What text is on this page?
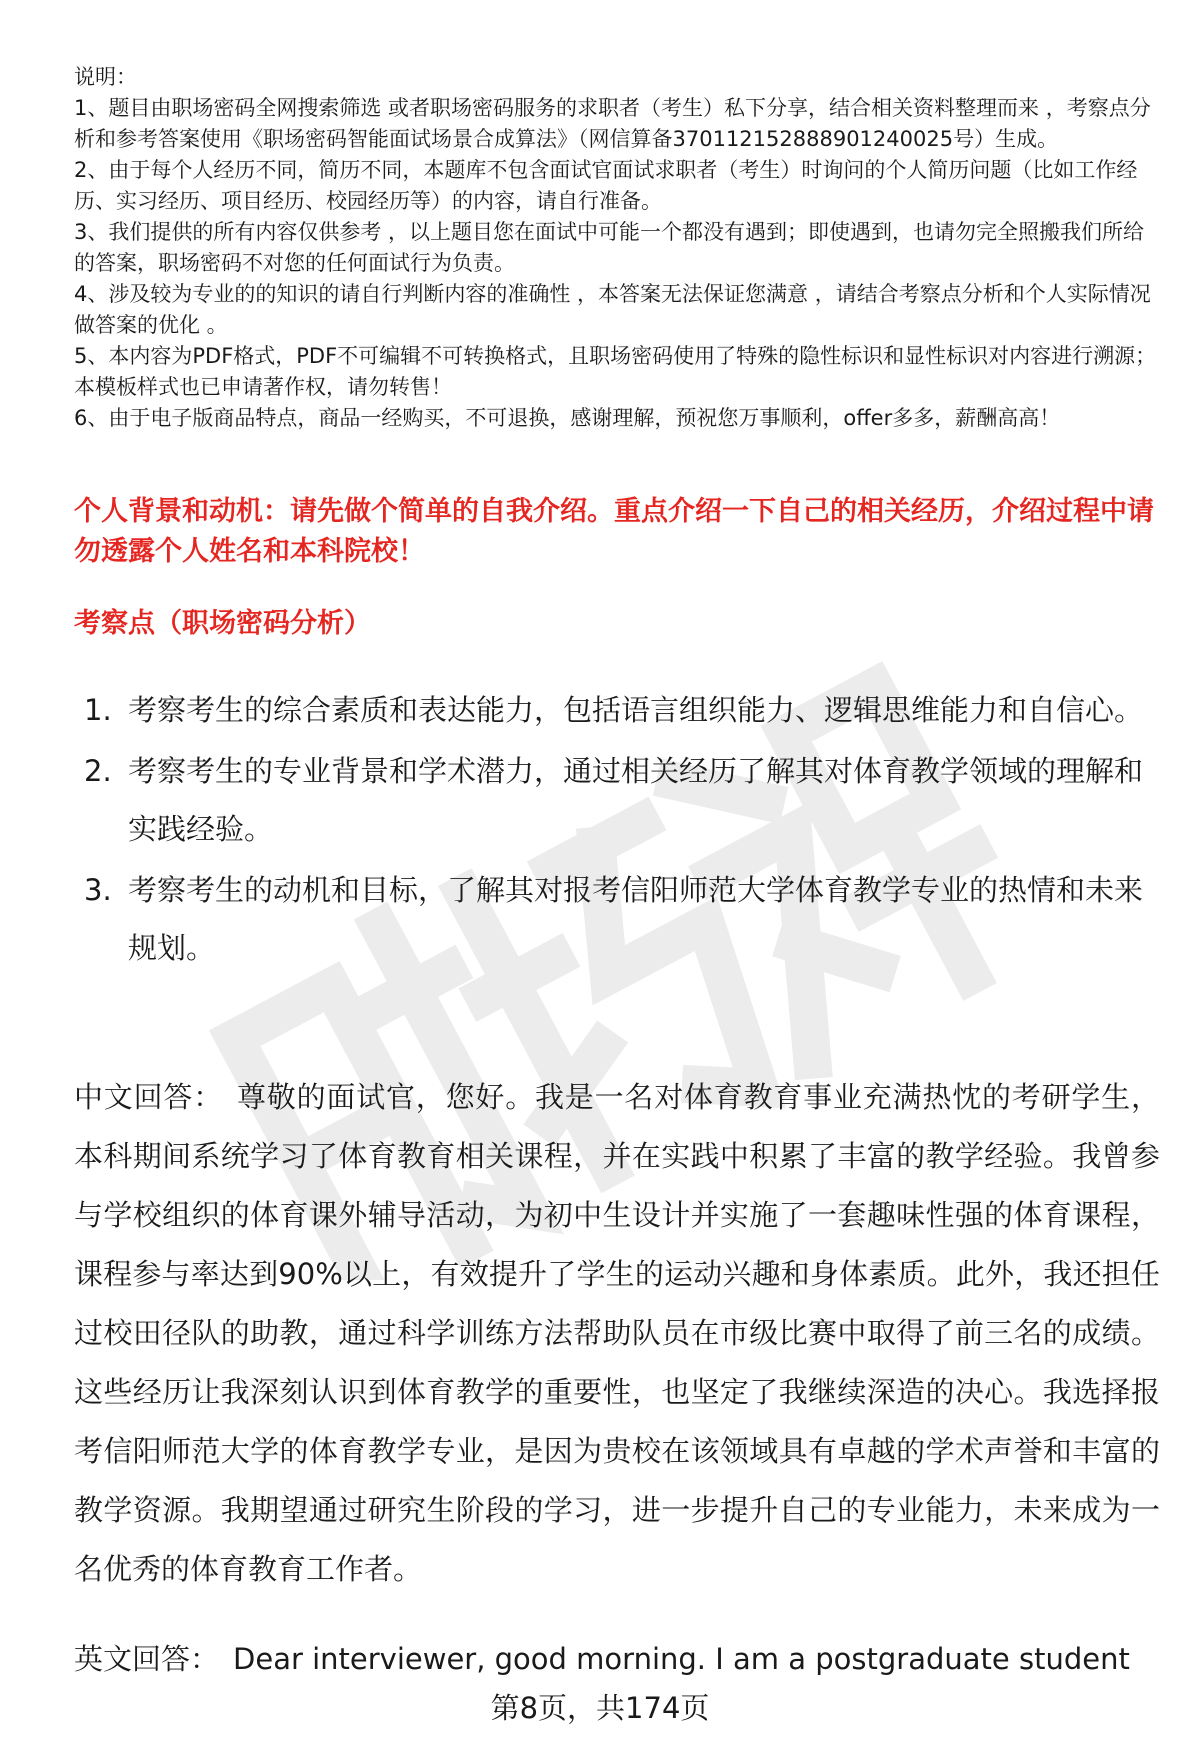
说明：

1、题目由职场密码全网搜索筛选 或者职场密码服务的求职者（考生）私下分享，结合相关资料整理而来 ，考察点分析和参考答案使用《职场密码智能面试场景合成算法》（网信算备370112152888901240025号）生成。

2、由于每个人经历不同，简历不同，本题库不包含面试官面试求职者（考生）时询问的个人简历问题（比如工作经历、实习经历、项目经历、校园经历等）的内容，请自行准备。

3、我们提供的所有内容仅供参考 ，以上题目您在面试中可能一个都没有遇到；即使遇到，也请勿完全照搬我们所给的答案，职场密码不对您的任何面试行为负责。

4、涉及较为专业的的知识的请自行判断内容的准确性 ，本答案无法保证您满意 ，请结合考察点分析和个人实际情况做答案的优化 。

5、本内容为PDF格式，PDF不可编辑不可转换格式，且职场密码使用了特殊的隐性标识和显性标识对内容进行溯源；本模板样式也已申请著作权，请勿转售！

6、由于电子版商品特点，商品一经购买，不可退换，感谢理解，预祝您万事顺利，offer多多，薪酬高高！

个人背景和动机：请先做个简单的自我介绍。重点介绍一下自己的相关经历，介绍过程中请勿透露个人姓名和本科院校！

考察点（职场密码分析）

1. 考察考生的综合素质和表达能力，包括语言组织能力、逻辑思维能力和自信心。
2. 考察考生的专业背景和学术潜力，通过相关经历了解其对体育教学领域的理解和实践经验。
3. 考察考生的动机和目标，了解其对报考信阳师范大学体育教学专业的热情和未来规划。

中文回答： 尊敬的面试官，您好。我是一名对体育教育事业充满热忱的考研学生，本科期间系统学习了体育教育相关课程，并在实践中积累了丰富的教学经验。我曾参与学校组织的体育课外辅导活动，为初中生设计并实施了一套趣味性强的体育课程，课程参与率达到90%以上，有效提升了学生的运动兴趣和身体素质。此外，我还担任过校田径队的助教，通过科学训练方法帮助队员在市级比赛中取得了前三名的成绩。这些经历让我深刻认识到体育教学的重要性，也坚定了我继续深造的决心。我选择报考信阳师范大学的体育教学专业，是因为贵校在该领域具有卓越的学术声誉和丰富的教学资源。我期望通过研究生阶段的学习，进一步提升自己的专业能力，未来成为一名优秀的体育教育工作者。

英文回答： Dear interviewer, good morning. I am a postgraduate student

第8页，共174页
